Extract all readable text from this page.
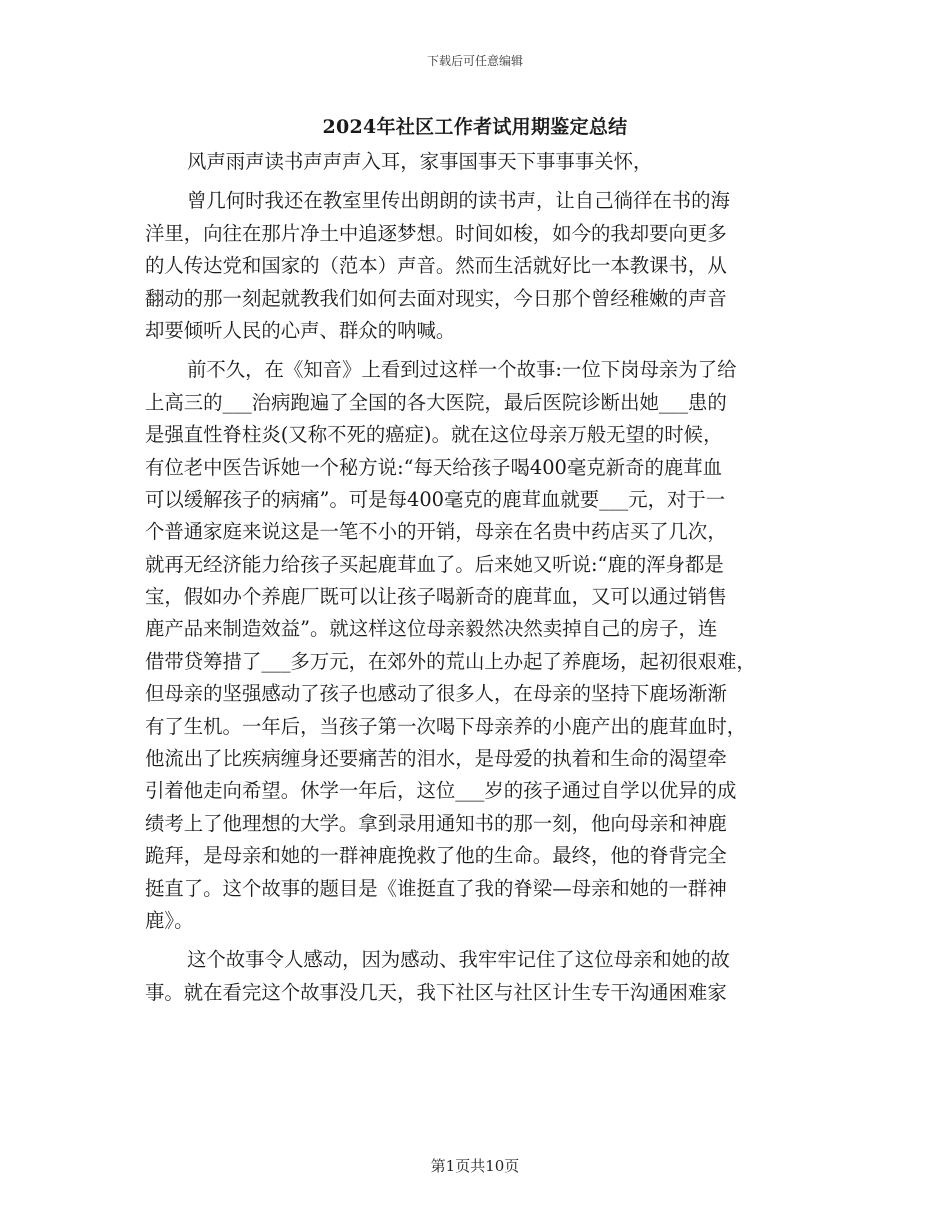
下载后可任意编辑
2024年社区工作者试用期鉴定总结
风声雨声读书声声声入耳，家事国事天下事事事关怀，
曾几何时我还在教室里传出朗朗的读书声，让自己徜徉在书的海
洋里，向往在那片净土中追逐梦想。时间如梭，如今的我却要向更多
的人传达党和国家的（范本）声音。然而生活就好比一本教课书，从
翻动的那一刻起就教我们如何去面对现实，今日那个曾经稚嫩的声音
却要倾听人民的心声、群众的呐喊。
前不久，在《知音》上看到过这样一个故事:一位下岗母亲为了给
上高三的___治病跑遍了全国的各大医院，最后医院诊断出她___患的
是强直性脊柱炎(又称不死的癌症)。就在这位母亲万般无望的时候，
有位老中医告诉她一个秘方说:“每天给孩子喝400毫克新奇的鹿茸血
可以缓解孩子的病痛”。可是每400毫克的鹿茸血就要___元，对于一
个普通家庭来说这是一笔不小的开销，母亲在名贵中药店买了几次，
就再无经济能力给孩子买起鹿茸血了。后来她又听说:“鹿的浑身都是
宝，假如办个养鹿厂既可以让孩子喝新奇的鹿茸血，又可以通过销售
鹿产品来制造效益”。就这样这位母亲毅然决然卖掉自己的房子，连
借带贷筹措了___多万元，在郊外的荒山上办起了养鹿场，起初很艰难，
但母亲的坚强感动了孩子也感动了很多人，在母亲的坚持下鹿场渐渐
有了生机。一年后，当孩子第一次喝下母亲养的小鹿产出的鹿茸血时，
他流出了比疾病缠身还要痛苦的泪水，是母爱的执着和生命的渴望牵
引着他走向希望。休学一年后，这位___岁的孩子通过自学以优异的成
绩考上了他理想的大学。拿到录用通知书的那一刻，他向母亲和神鹿
跪拜，是母亲和她的一群神鹿挽救了他的生命。最终，他的脊背完全
挺直了。这个故事的题目是《谁挺直了我的脊梁—母亲和她的一群神
鹿》。
这个故事令人感动，因为感动、我牢牢记住了这位母亲和她的故
事。就在看完这个故事没几天，我下社区与社区计生专干沟通困难家
第1页共10页
